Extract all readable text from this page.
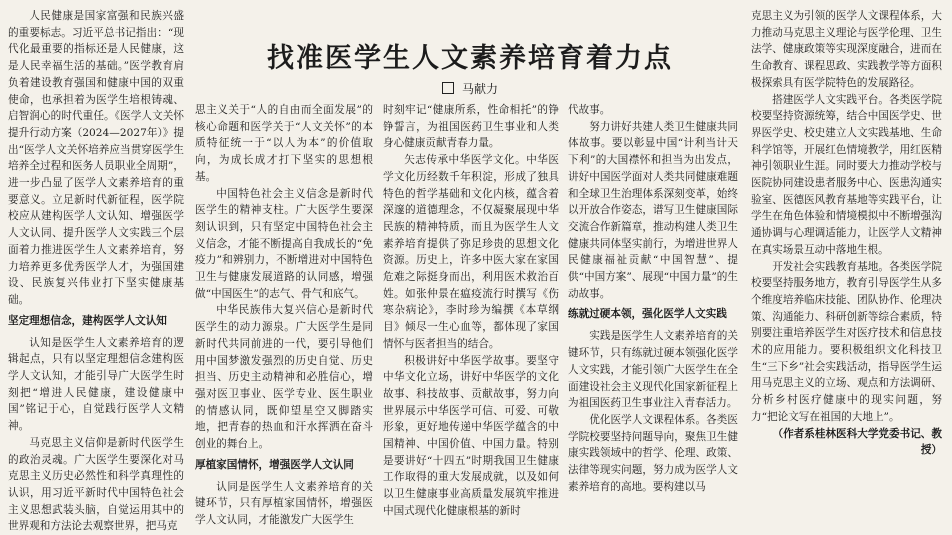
找准医学生人文素养培育着力点
马献力

人民健康是国家富强和民族兴盛的重要标志。习近平总书记指出：“现代化最重要的指标还是人民健康，这是人民幸福生活的基础。”医学教育肩负着建设教育强国和健康中国的双重使命，也承担着为医学生培根铸魂、启智润心的时代重任。《医学人文关怀提升行动方案（2024—2027年）》提出“医学人文关怀培养应当贯穿医学生培养全过程和医务人员职业全周期”，进一步凸显了医学人文素养培育的重要意义。立足新时代新征程，医学院校应从建构医学人文认知、增强医学人文认同、提升医学人文实践三个层面着力推进医学生人文素养培育，努力培养更多优秀医学人才，为强国建设、民族复兴伟业打下坚实健康基础。

坚定理想信念，建构医学人文认知

认知是医学生人文素养培育的逻辑起点，只有以坚定理想信念建构医学人文认知，才能引导广大医学生时刻把“增进人民健康，建设健康中国”铭记于心，自觉践行医学人文精神。

马克思主义信仰是新时代医学生的政治灵魂。广大医学生要深化对马克思主义历史必然性和科学真理性的认识，用习近平新时代中国特色社会主义思想武装头脑，自觉运用其中的世界观和方法论去观察世界，把马克

思主义关于“人的自由而全面发展”的核心命题和医学关于“人文关怀”的本质特征统一于“以人为本”的价值取向，为成长成才打下坚实的思想根基。

中国特色社会主义信念是新时代医学生的精神支柱。广大医学生要深刻认识到，只有坚定中国特色社会主义信念，才能不断提高自我成长的“免疫力”和辨别力，不断增进对中国特色卫生与健康发展道路的认同感，增强做“中国医生”的志气、骨气和底气。

中华民族伟大复兴信心是新时代医学生的动力源泉。广大医学生是同新时代共同前进的一代，要引导他们用中国梦激发强烈的历史自觉、历史担当、历史主动精神和必胜信心，增强对医卫事业、医学专业、医生职业的情感认同，既仰望星空又脚踏实地，把青春的热血和汗水挥洒在奋斗创业的舞台上。

厚植家国情怀，增强医学人文认同

认同是医学生人文素养培育的关键环节，只有厚植家国情怀，增强医学人文认同，才能激发广大医学生

时刻牢记“健康所系，性命相托”的铮铮誓言，为祖国医药卫生事业和人类身心健康贡献青春力量。

矢志传承中华医学文化。中华医学文化历经数千年积淀，形成了独具特色的哲学基础和文化内核，蕴含着深邃的道德理念，不仅凝聚展现中华民族的精神特质，而且为医学生人文素养培育提供了弥足珍贵的思想文化资源。历史上，许多中医大家在家国危难之际挺身而出，利用医术救治百姓。如张仲景在瘟疫流行时撰写《伤寒杂病论》，李时珍为编撰《本草纲目》倾尽一生心血等，都体现了家国情怀与医者担当的结合。

积极讲好中华医学故事。要坚守中华文化立场，讲好中华医学的文化故事、科技故事、贡献故事，努力向世界展示中华医学可信、可爱、可敬形象，更好地传递中华医学蕴含的中国精神、中国价值、中国力量。特别是要讲好“十四五”时期我国卫生健康工作取得的重大发展成就，以及如何以卫生健康事业高质量发展筑牢推进中国式现代化健康根基的新时

代故事。

努力讲好共建人类卫生健康共同体故事。要以彰显中国“计利当计天下利”的大国襟怀和担当为出发点，讲好中国医学面对人类共同健康难题和全球卫生治理体系深刻变革，始终以开放合作姿态，谱写卫生健康国际交流合作新篇章，推动构建人类卫生健康共同体坚实前行，为增进世界人民健康福祉贡献“中国智慧”、提供“中国方案”、展现“中国力量”的生动故事。

练就过硬本领，强化医学人文实践

实践是医学生人文素养培育的关键环节，只有练就过硬本领强化医学人文实践，才能引领广大医学生在全面建设社会主义现代化国家新征程上为祖国医药卫生事业注入青春活力。

优化医学人文课程体系。各类医学院校要坚持问题导向，聚焦卫生健康实践领域中的哲学、伦理、政策、法律等现实问题，努力成为医学人文素养培育的高地。要构建以马

克思主义为引领的医学人文课程体系，大力推动马克思主义理论与医学伦理、卫生法学、健康政策等实现深度融合，进而在生命教育、课程思政、实践教学等方面积极探索具有医学院特色的发展路径。

搭建医学人文实践平台。各类医学院校要坚持资源统筹，结合中国医学史、世界医学史、校史建立人文实践基地、生命科学馆等，开展红色情境教学，用红医精神引领职业生涯。同时要大力推动学校与医院协同建设患者服务中心、医患沟通实验室、医德医风教育基地等实践平台，让学生在角色体验和情境模拟中不断增强沟通协调与心理调适能力，让医学人文精神在真实场景互动中落地生根。

开发社会实践教育基地。各类医学院校要坚持服务地方，教育引导医学生从多个维度培养临床技能、团队协作、伦理决策、沟通能力、科研创新等综合素质，特别要注重培养医学生对医疗技术和信息技术的应用能力。要积极组织文化科技卫生“三下乡”社会实践活动，指导医学生运用马克思主义的立场、观点和方法调研、分析乡村医疗健康中的现实问题，努力“把论文写在祖国的大地上”。

（作者系桂林医科大学党委书记、教授）
